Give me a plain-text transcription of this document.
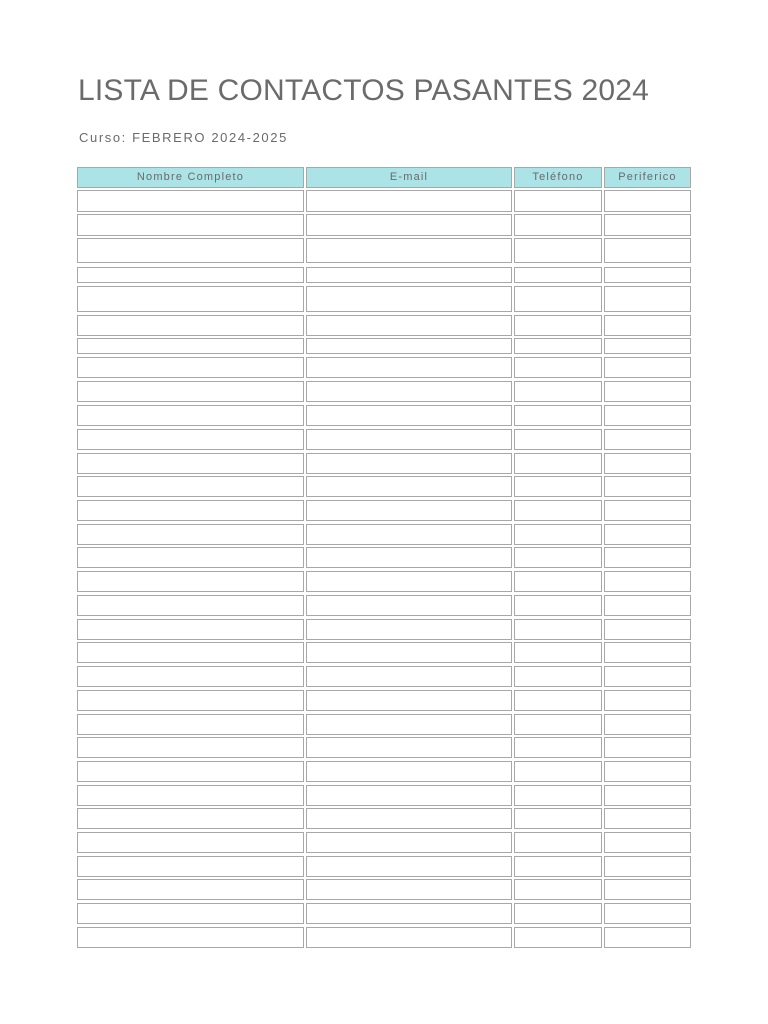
LISTA DE CONTACTOS PASANTES 2024
Curso: FEBRERO 2024-2025
Nombre Completo	E-mail	Teléfono	Periferico
